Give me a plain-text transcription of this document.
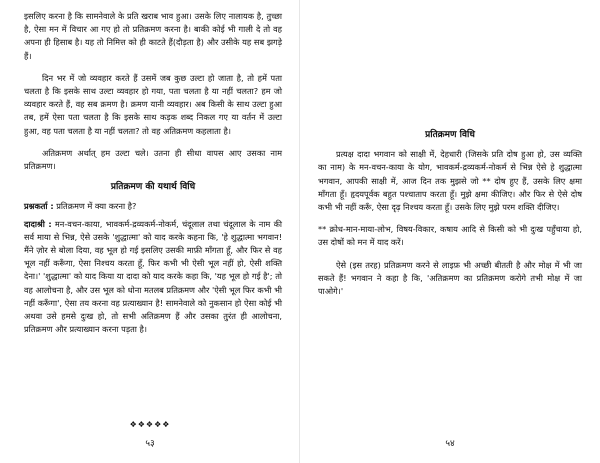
इसलिए करना है कि सामनेवाले के प्रति खराब भाव हुआ। उसके लिए नालायक है, तुच्छा है, ऐसा मन में विचार आ गए हो तो प्रतिक्रमण करना है। बाकी कोई भी गाली दे तो वह अपना ही हिसाब है। यह तो निमित्त को ही काटते हैं(दौड़ता है) और उसीके यह सब झगड़े हैं।

दिन भर में जो व्यवहार करते हैं उसमें जब कुछ उल्टा हो जाता है, तो हमें पता चलता है कि इसके साथ उल्टा व्यवहार हो गया, पता चलता है या नहीं चलता? हम जो व्यवहार करते हैं, वह सब क्रमण है। क्रमण यानी व्यवहार। अब किसी के साथ उल्टा हुआ तब, हमें ऐसा पता चलता है कि इसके साथ कड़क शब्द निकल गए या वर्तन में उल्टा हुआ, वह पता चलता है या नहीं चलता? तो वह अतिक्रमण कहलाता है।

अतिक्रमण अर्थात् हम उल्टा चले। उतना ही सीधा वापस आए उसका नाम प्रतिक्रमण।

प्रतिक्रमण की यथार्थ विधि

प्रश्नकर्ता : प्रतिक्रमण में क्या करना है?

दादाश्री : मन-वचन-काया, भावकर्म-द्रव्यकर्म-नोकर्म, चंदूलाल तथा चंदूलाल के नाम की सर्व माया से भिन्न, ऐसे उसके 'शुद्धात्मा' को याद करके कहना कि, 'हे शुद्धात्मा भगवान! मैंने ज़ोर से बोला दिया, वह भूल हो गई इसलिए उसकी माफ़ी माँगता हूँ, और फिर से वह भूल नहीं करूँगा, ऐसा निश्चय करता हूँ, फिर कभी भी ऐसी भूल नहीं हो, ऐसी शक्ति देना।' 'शुद्धात्मा' को याद किया या दादा को याद करके कहा कि, 'यह भूल हो गई है'; तो वह आलोचना है, और उस भूल को धोना मतलब प्रतिक्रमण और 'ऐसी भूल फिर कभी भी नहीं करूँगा', ऐसा तय करना वह प्रत्याख्यान है! सामनेवाले को नुकसान हो ऐसा कोई भी अथवा उसे हमसे दुःख हो, तो सभी अतिक्रमण हैं और उसका तुरंत ही आलोचना, प्रतिक्रमण और प्रत्याख्यान करना पड़ता है।

❖❖❖❖❖
५३
प्रतिक्रमण विधि

प्रत्यक्ष दादा भगवान को साक्षी में, देहधारी (जिसके प्रति दोष हुआ हो, उस व्यक्ति का नाम) के मन-वचन-काया के योग, भावकर्म-द्रव्यकर्म-नोकर्म से भिन्न ऐसे हे शुद्धात्मा भगवान, आपकी साक्षी में, आज दिन तक मुझसे जो ** दोष हुए हैं, उसके लिए क्षमा माँगता हूँ। हृदयपूर्वक बहुत पश्चाताप करता हूँ। मुझे क्षमा कीजिए। और फिर से ऐसे दोष कभी भी नहीं करूँ, ऐसा दृढ़ निश्चय करता हूँ। उसके लिए मुझे परम शक्ति दीजिए।

** क्रोध-मान-माया-लोभ, विषय-विकार, कषाय आदि से किसी को भी दुःख पहुँचाया हो, उस दोषों को मन में याद करें।

ऐसे (इस तरह) प्रतिक्रमण करने से लाइफ़ भी अच्छी बीतती है और मोक्ष में भी जा सकते हैं! भगवान ने कहा है कि, 'अतिक्रमण का प्रतिक्रमण करोगे तभी मोक्ष में जा पाओगे।'

५४
